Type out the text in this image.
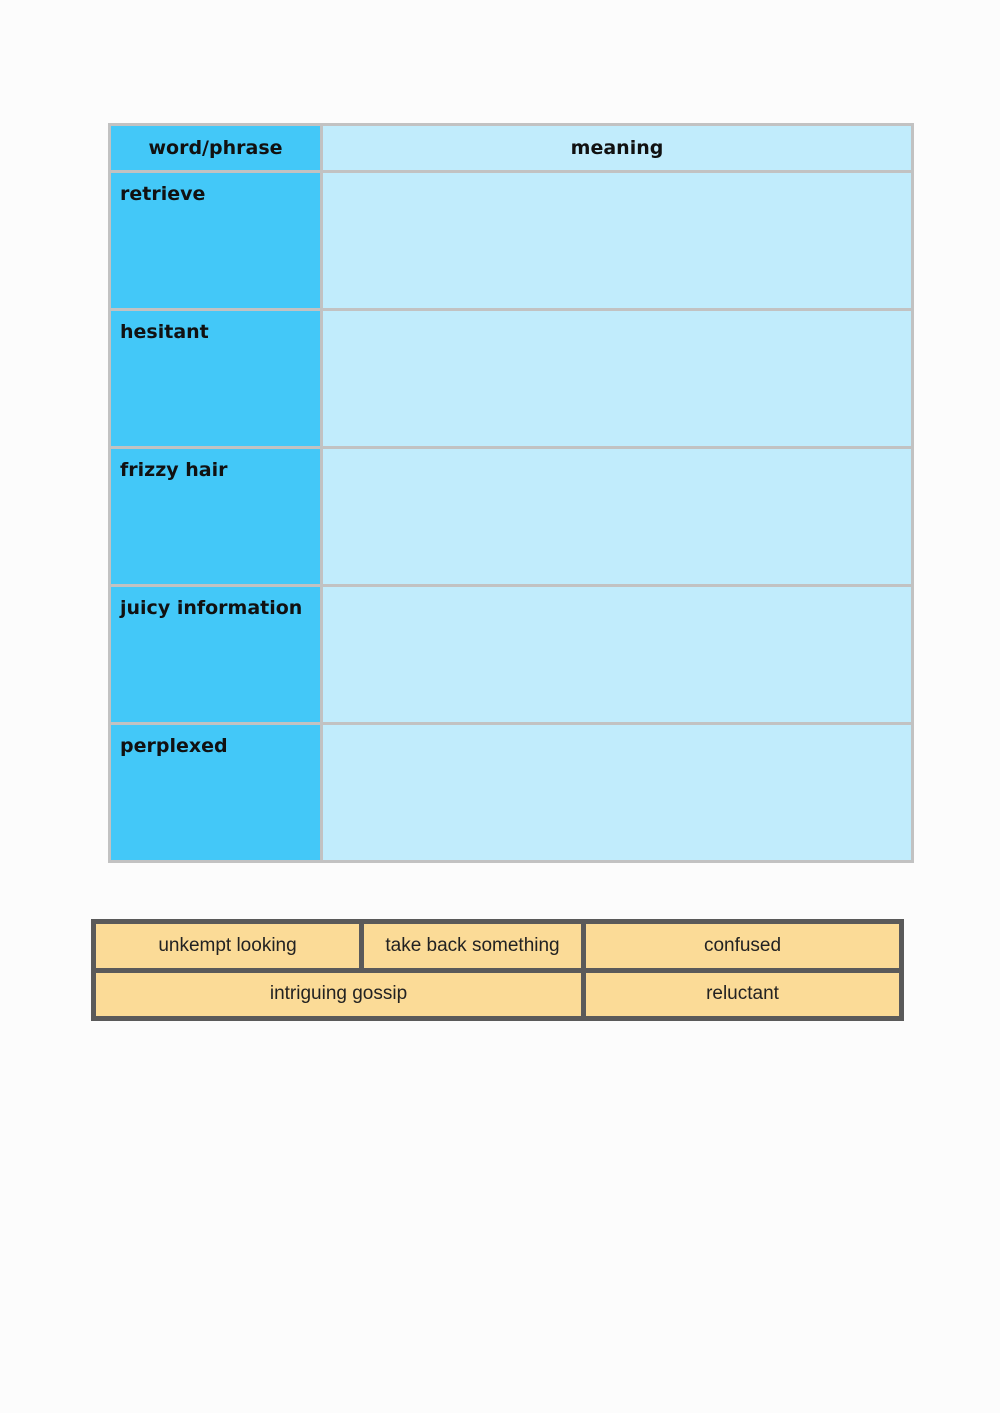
word/phrase	meaning
retrieve	
hesitant	
frizzy hair	
juicy information	
perplexed	
unkempt looking	take back something	confused
intriguing gossip		reluctant
